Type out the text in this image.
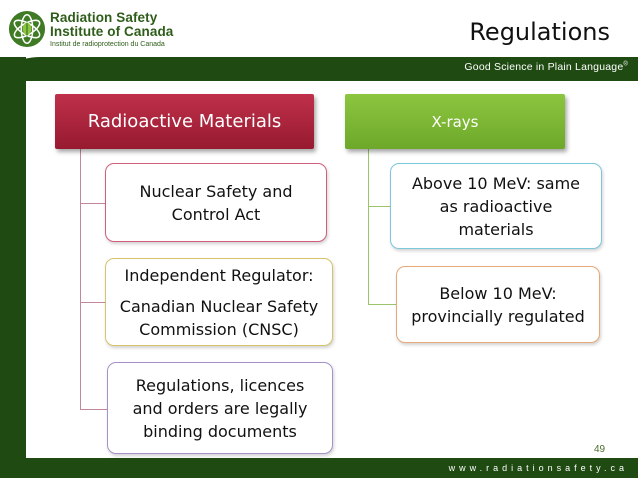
Radiation Safety
Institute of Canada
Institut de radioprotection du Canada	Regulations
Good Science in Plain Language®
Radioactive Materials	X-rays
Nuclear Safety and
Control Act
Independent Regulator:
Canadian Nuclear Safety
Commission (CNSC)
Regulations, licences
and orders are legally
binding documents
Above 10 MeV: same
as radioactive
materials
Below 10 MeV:
provincially regulated
49
www.radiationsafety.ca
